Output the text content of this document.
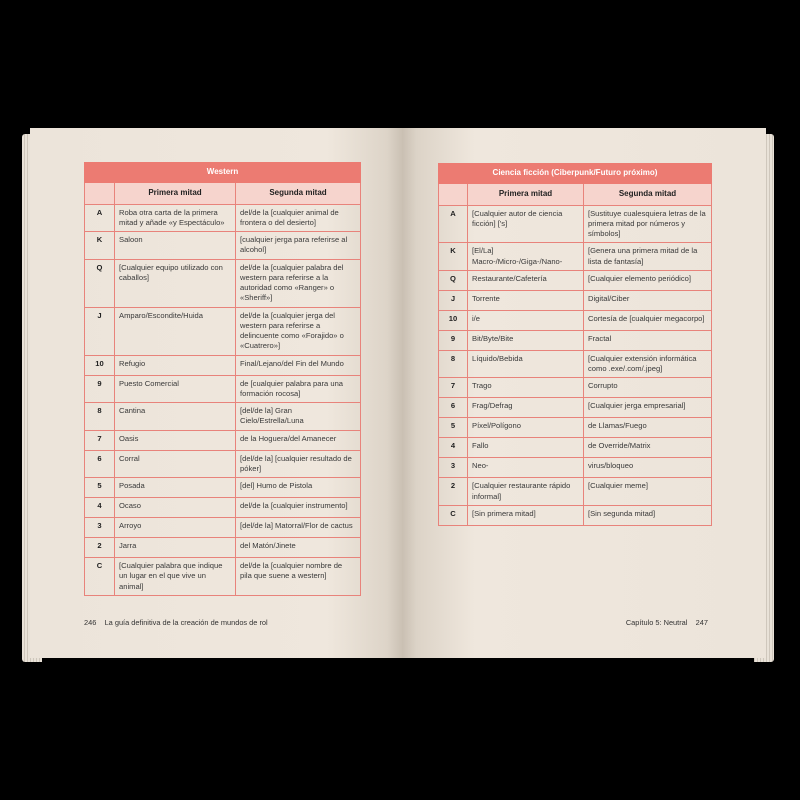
Western		
	Primera mitad	Segunda mitad
A	Roba otra carta de la primera mitad y añade «y Espectáculo»	del/de la [cualquier animal de frontera o del desierto]
K	Saloon	[cualquier jerga para referirse al alcohol]
Q	[Cualquier equipo utilizado con caballos]	del/de la [cualquier palabra del western para referirse a la autoridad como «Ranger» o «Sheriff»]
J	Amparo/Escondite/Huida	del/de la [cualquier jerga del western para referirse a delincuente como «Forajido» o «Cuatrero»]
10	Refugio	Final/Lejano/del Fin del Mundo
9	Puesto Comercial	de [cualquier palabra para una formación rocosa]
8	Cantina	[del/de la] Gran Cielo/Estrella/Luna
7	Oasis	de la Hoguera/del Amanecer
6	Corral	[del/de la] [cualquier resultado de póker]
5	Posada	[del] Humo de Pistola
4	Ocaso	del/de la [cualquier instrumento]
3	Arroyo	[del/de la] Matorral/Flor de cactus
2	Jarra	del Matón/Jinete
C	[Cualquier palabra que indique un lugar en el que vive un animal]	del/de la [cualquier nombre de pila que suene a western]
246 La guía definitiva de la creación de mundos de rol
Ciencia ficción (Ciberpunk/Futuro próximo)		
	Primera mitad	Segunda mitad
A	[Cualquier autor de ciencia ficción] ['s]	[Sustituye cualesquiera letras de la primera mitad por números y símbolos]
K	[El/La] Macro-/Micro-/Giga-/Nano-	[Genera una primera mitad de la lista de fantasía]
Q	Restaurante/Cafetería	[Cualquier elemento periódico]
J	Torrente	Digital/Ciber
10	i/e	Cortesía de [cualquier megacorpo]
9	Bit/Byte/Bite	Fractal
8	Líquido/Bebida	[Cualquier extensión informática como .exe/.com/.jpeg]
7	Trago	Corrupto
6	Frag/Defrag	[Cualquier jerga empresarial]
5	Píxel/Polígono	de Llamas/Fuego
4	Fallo	de Override/Matrix
3	Neo-	virus/bloqueo
2	[Cualquier restaurante rápido informal]	[Cualquier meme]
C	[Sin primera mitad]	[Sin segunda mitad]
Capítulo 5: Neutral 247
